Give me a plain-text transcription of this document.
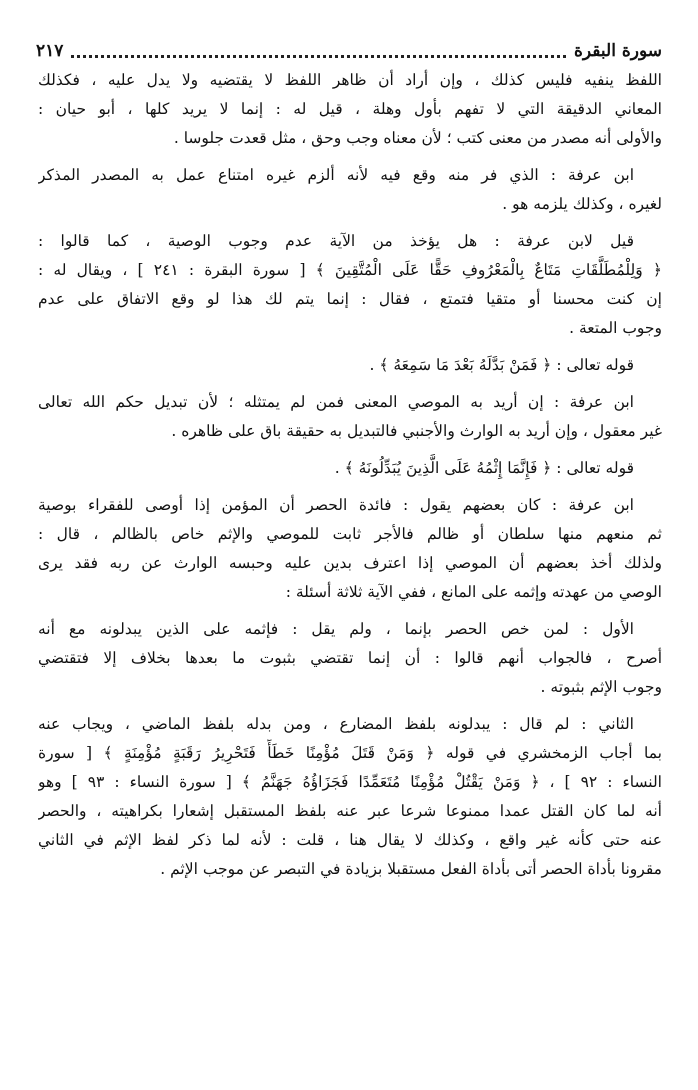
سورة البقرة
٢١٧
اللفظ ينفيه فليس كذلك ، وإن أراد أن ظاهر اللفظ لا يقتضيه ولا يدل عليه ، فكذلك
المعاني الدقيقة التي لا تفهم بأول وهلة ، قيل له : إنما لا يريد كلها ، أبو حيان :
والأولى أنه مصدر من معنى كتب ؛ لأن معناه وجب وحق ، مثل قعدت جلوسا .
ابن عرفة : الذي فر منه وقع فيه لأنه ألزم غيره امتناع عمل به المصدر المذكر
لغيره ، وكذلك يلزمه هو .
قيل لابن عرفة : هل يؤخذ من الآية عدم وجوب الوصية ، كما قالوا :
﴿ وَلِلْمُطَلَّقَاتِ مَتَاعٌ بِالْمَعْرُوفِ حَقًّا عَلَى الْمُتَّقِينَ ﴾ [ سورة البقرة : ٢٤١ ] ، ويقال له :
إن كنت محسنا أو متقيا فتمتع ، فقال : إنما يتم لك هذا لو وقع الاتفاق على عدم
وجوب المتعة .
قوله تعالى : ﴿ فَمَنْ بَدَّلَهُ بَعْدَ مَا سَمِعَهُ ﴾ .
ابن عرفة : إن أريد به الموصي المعنى فمن لم يمتثله ؛ لأن تبديل حكم الله تعالى
غير معقول ، وإن أريد به الوارث والأجنبي فالتبديل به حقيقة باق على ظاهره .
قوله تعالى : ﴿ فَإِنَّمَا إِثْمُهُ عَلَى الَّذِينَ يُبَدِّلُونَهُ ﴾ .
ابن عرفة : كان بعضهم يقول : فائدة الحصر أن المؤمن إذا أوصى للفقراء بوصية
ثم منعهم منها سلطان أو ظالم فالأجر ثابت للموصي والإثم خاص بالظالم ، قال :
ولذلك أخذ بعضهم أن الموصي إذا اعترف بدين عليه وحبسه الوارث عن ربه فقد يرى
الوصي من عهدته وإثمه على المانع ، ففي الآية ثلاثة أسئلة :
الأول : لمن خص الحصر بإنما ، ولم يقل : فإثمه على الذين يبدلونه مع أنه
أصرح ، فالجواب أنهم قالوا : أن إنما تقتضي بثبوت ما بعدها بخلاف إلا فتقتضي
وجوب الإثم بثبوته .
الثاني : لم قال : يبدلونه بلفظ المضارع ، ومن بدله بلفظ الماضي ، ويجاب عنه
بما أجاب الزمخشري في قوله ﴿ وَمَنْ قَتَلَ مُؤْمِنًا خَطَأً فَتَحْرِيرُ رَقَبَةٍ مُؤْمِنَةٍ ﴾ [ سورة
النساء : ٩٢ ] ، ﴿ وَمَنْ يَقْتُلْ مُؤْمِنًا مُتَعَمِّدًا فَجَزَاؤُهُ جَهَنَّمُ ﴾ [ سورة النساء : ٩٣ ] وهو
أنه لما كان القتل عمدا ممنوعا شرعا عبر عنه بلفظ المستقبل إشعارا بكراهيته ، والحصر
عنه حتى كأنه غير واقع ، وكذلك لا يقال هنا ، قلت : لأنه لما ذكر لفظ الإثم في الثاني
مقرونا بأداة الحصر أتى بأداة الفعل مستقبلا بزيادة في التبصر عن موجب الإثم .
